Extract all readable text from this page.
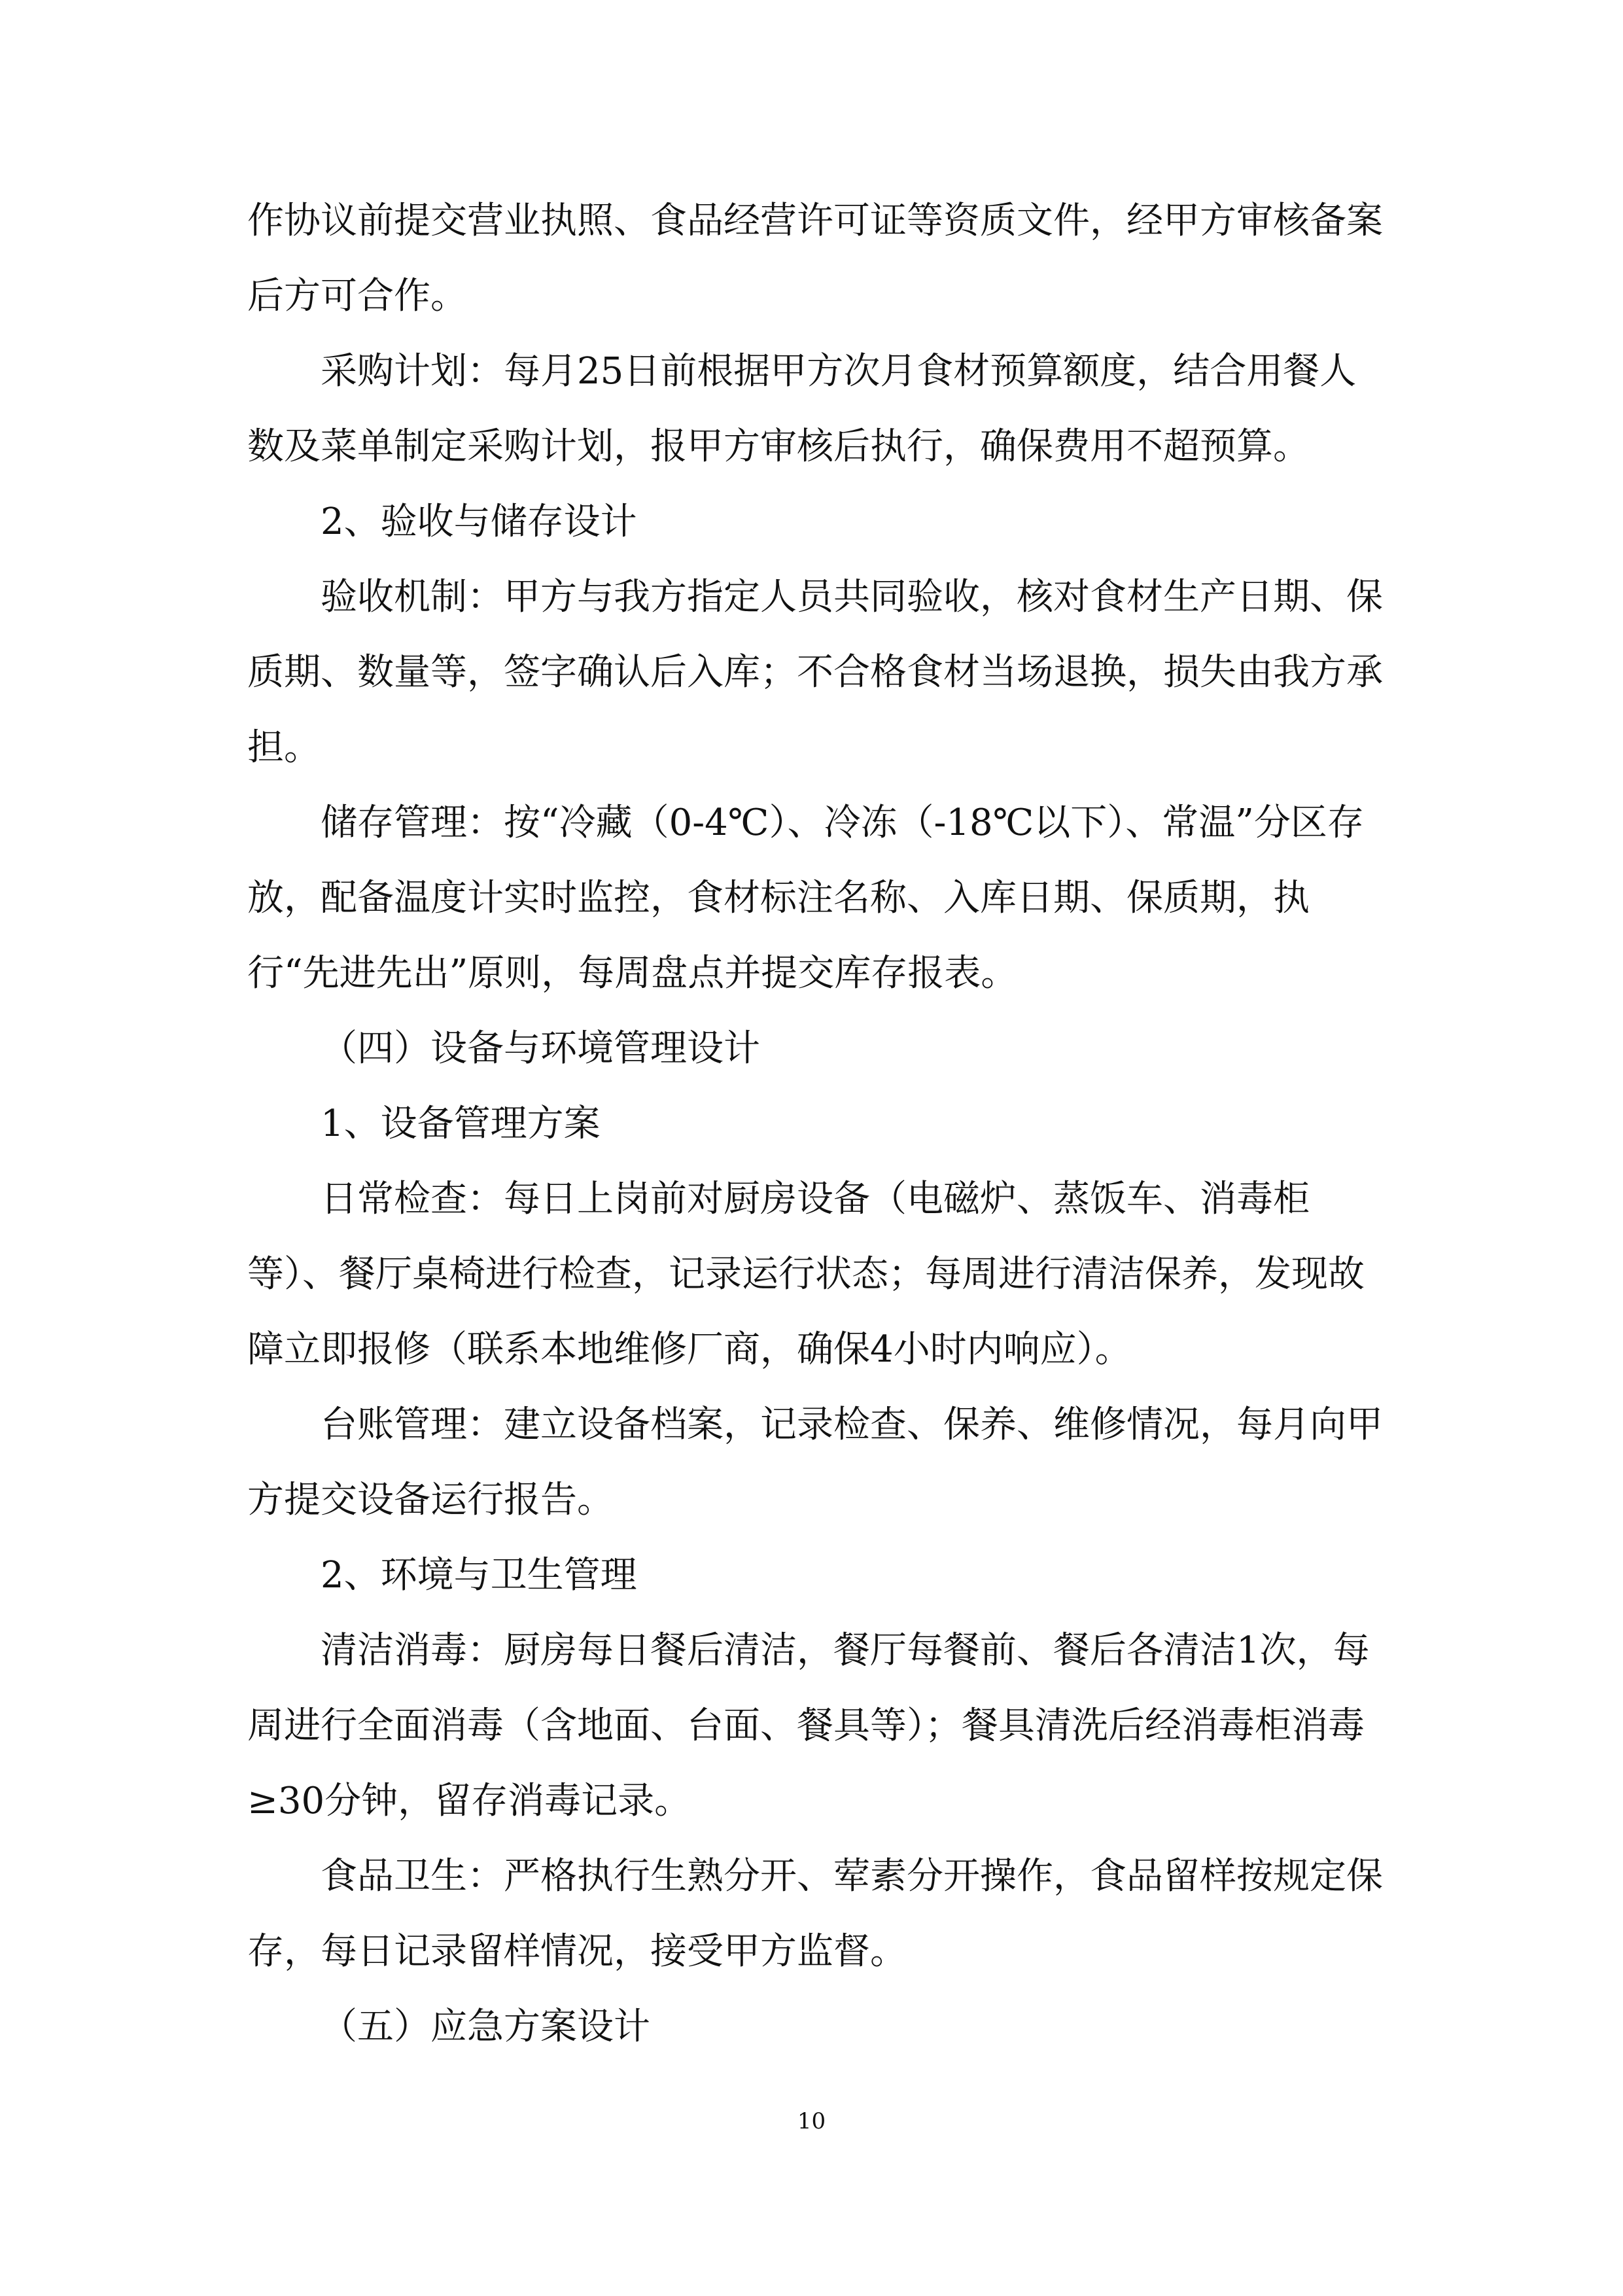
作协议前提交营业执照、食品经营许可证等资质文件，经甲方审核备案后方可合作。

采购计划：每月25日前根据甲方次月食材预算额度，结合用餐人数及菜单制定采购计划，报甲方审核后执行，确保费用不超预算。

2、验收与储存设计

验收机制：甲方与我方指定人员共同验收，核对食材生产日期、保质期、数量等，签字确认后入库；不合格食材当场退换，损失由我方承担。

储存管理：按“冷藏（0-4℃）、冷冻（-18℃以下）、常温”分区存放，配备温度计实时监控，食材标注名称、入库日期、保质期，执行“先进先出”原则，每周盘点并提交库存报表。

（四）设备与环境管理设计

1、设备管理方案

日常检查：每日上岗前对厨房设备（电磁炉、蒸饭车、消毒柜等）、餐厅桌椅进行检查，记录运行状态；每周进行清洁保养，发现故障立即报修（联系本地维修厂商，确保4小时内响应）。

台账管理：建立设备档案，记录检查、保养、维修情况，每月向甲方提交设备运行报告。

2、环境与卫生管理

清洁消毒：厨房每日餐后清洁，餐厅每餐前、餐后各清洁1次，每周进行全面消毒（含地面、台面、餐具等）；餐具清洗后经消毒柜消毒≥30分钟，留存消毒记录。

食品卫生：严格执行生熟分开、荤素分开操作，食品留样按规定保存，每日记录留样情况，接受甲方监督。

（五）应急方案设计

10
